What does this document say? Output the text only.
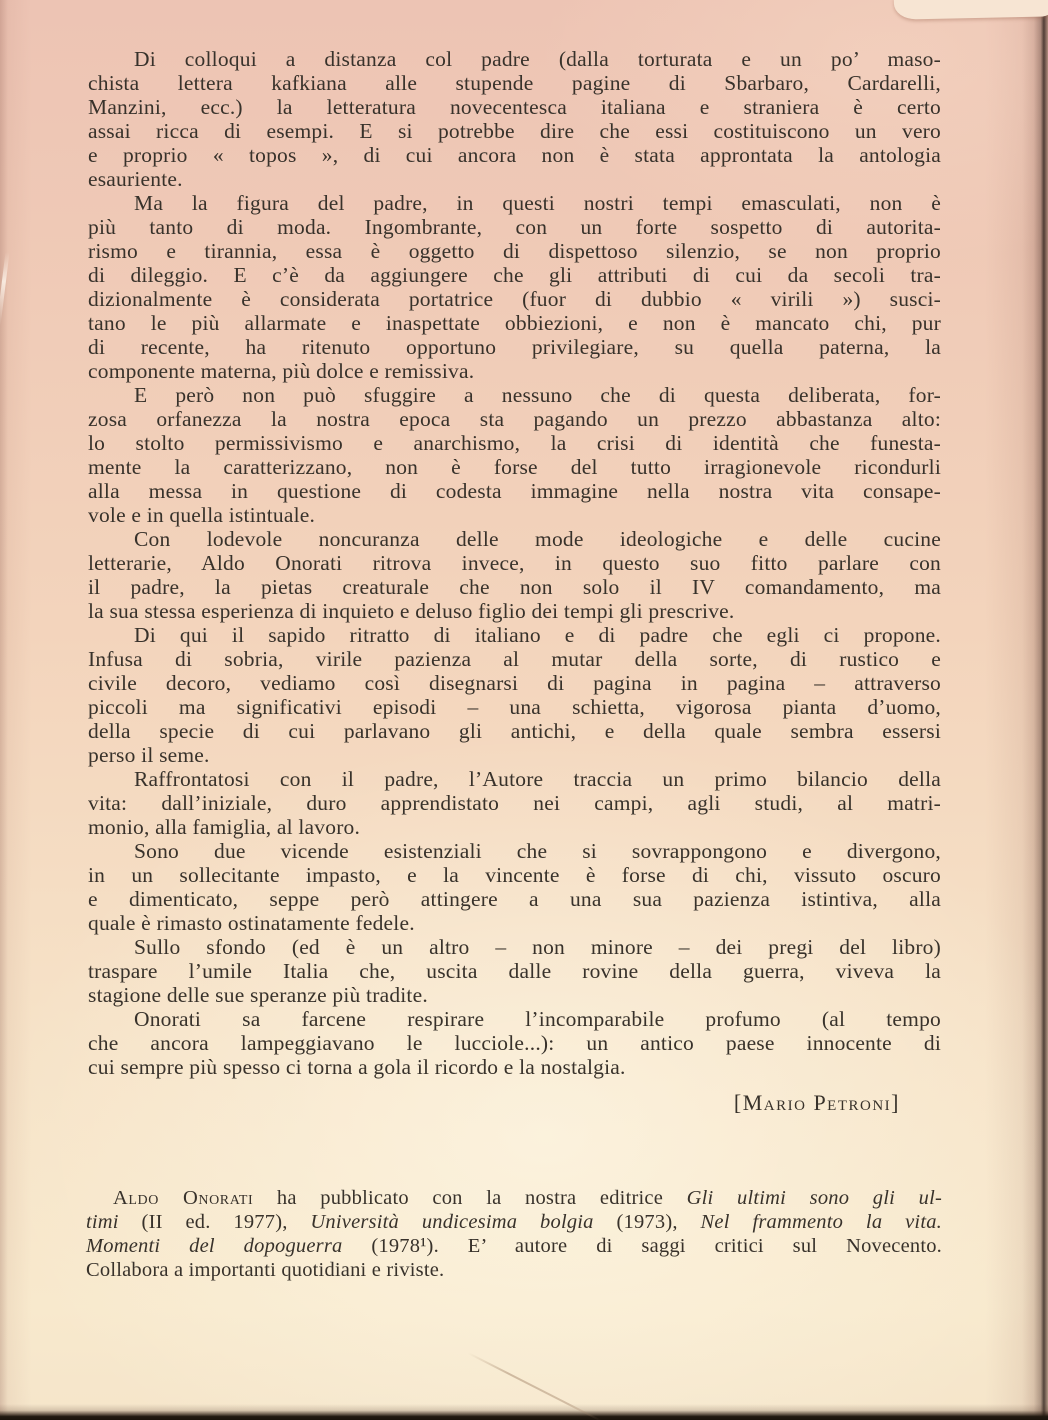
Di colloqui a distanza col padre (dalla torturata e un po’ maso-
chista lettera kafkiana alle stupende pagine di Sbarbaro, Cardarelli,
Manzini, ecc.) la letteratura novecentesca italiana e straniera è certo
assai ricca di esempi. E si potrebbe dire che essi costituiscono un vero
e proprio « topos », di cui ancora non è stata approntata la antologia
esauriente.
Ma la figura del padre, in questi nostri tempi emasculati, non è
più tanto di moda. Ingombrante, con un forte sospetto di autorita-
rismo e tirannia, essa è oggetto di dispettoso silenzio, se non proprio
di dileggio. E c’è da aggiungere che gli attributi di cui da secoli tra-
dizionalmente è considerata portatrice (fuor di dubbio « virili ») susci-
tano le più allarmate e inaspettate obbiezioni, e non è mancato chi, pur
di recente, ha ritenuto opportuno privilegiare, su quella paterna, la
componente materna, più dolce e remissiva.
E però non può sfuggire a nessuno che di questa deliberata, for-
zosa orfanezza la nostra epoca sta pagando un prezzo abbastanza alto:
lo stolto permissivismo e anarchismo, la crisi di identità che funesta-
mente la caratterizzano, non è forse del tutto irragionevole ricondurli
alla messa in questione di codesta immagine nella nostra vita consape-
vole e in quella istintuale.
Con lodevole noncuranza delle mode ideologiche e delle cucine
letterarie, Aldo Onorati ritrova invece, in questo suo fitto parlare con
il padre, la pietas creaturale che non solo il IV comandamento, ma
la sua stessa esperienza di inquieto e deluso figlio dei tempi gli prescrive.
Di qui il sapido ritratto di italiano e di padre che egli ci propone.
Infusa di sobria, virile pazienza al mutar della sorte, di rustico e
civile decoro, vediamo così disegnarsi di pagina in pagina – attraverso
piccoli ma significativi episodi – una schietta, vigorosa pianta d’uomo,
della specie di cui parlavano gli antichi, e della quale sembra essersi
perso il seme.
Raffrontatosi con il padre, l’Autore traccia un primo bilancio della
vita: dall’iniziale, duro apprendistato nei campi, agli studi, al matri-
monio, alla famiglia, al lavoro.
Sono due vicende esistenziali che si sovrappongono e divergono,
in un sollecitante impasto, e la vincente è forse di chi, vissuto oscuro
e dimenticato, seppe però attingere a una sua pazienza istintiva, alla
quale è rimasto ostinatamente fedele.
Sullo sfondo (ed è un altro – non minore – dei pregi del libro)
traspare l’umile Italia che, uscita dalle rovine della guerra, viveva la
stagione delle sue speranze più tradite.
Onorati sa farcene respirare l’incomparabile profumo (al tempo
che ancora lampeggiavano le lucciole...): un antico paese innocente di
cui sempre più spesso ci torna a gola il ricordo e la nostalgia.
[Mario Petroni]
Aldo Onorati ha pubblicato con la nostra editrice Gli ultimi sono gli ul-
timi (II ed. 1977), Università undicesima bolgia (1973), Nel frammento la vita.
Momenti del dopoguerra (1978¹). E’ autore di saggi critici sul Novecento.
Collabora a importanti quotidiani e riviste.
